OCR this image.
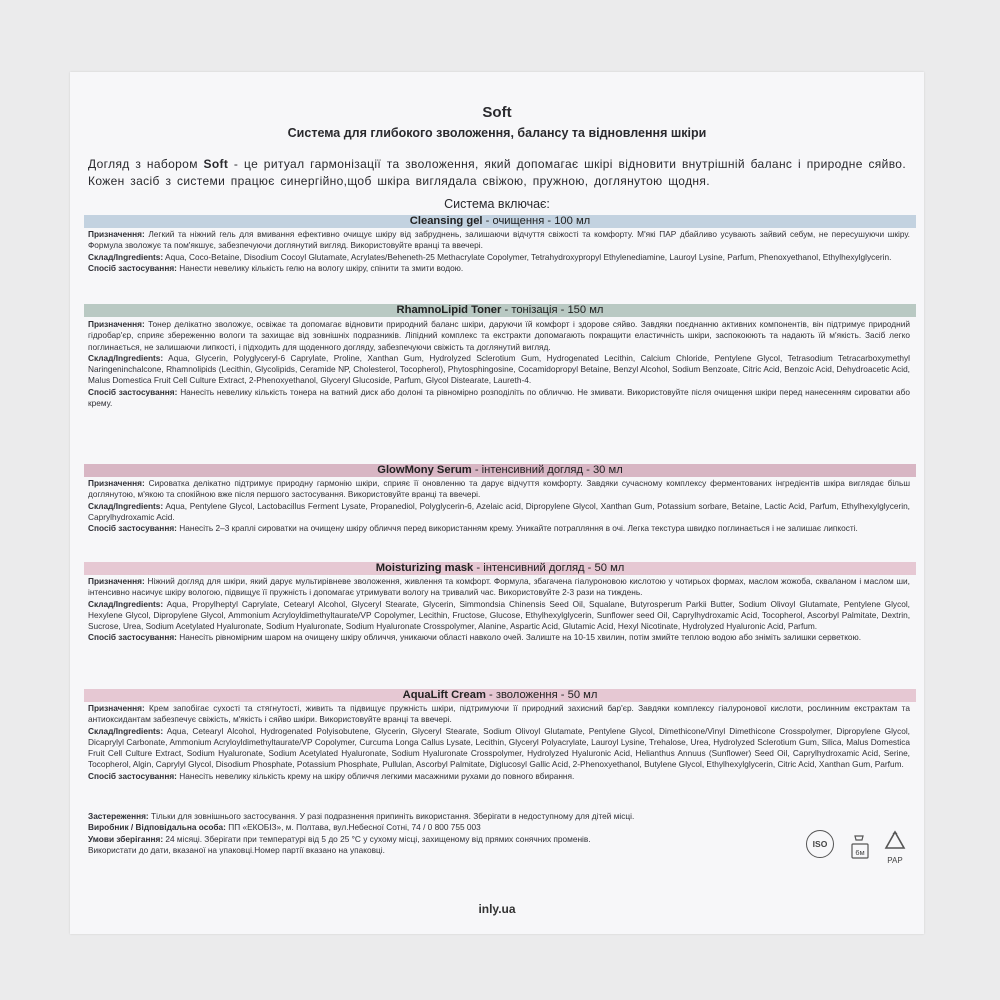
Soft
Система для глибокого зволоження, балансу та відновлення шкіри
Догляд з набором Soft - це ритуал гармонізації та зволоження, який допомагає шкірі відновити внутрішній баланс і природне сяйво. Кожен засіб з системи працює синергійно,щоб шкіра виглядала свіжою, пружною, доглянутою щодня.
Система включає:
Cleansing gel - очищення - 100 мл

Призначення: Легкий та ніжний гель для вмивання ефективно очищує шкіру від забруднень, залишаючи відчуття свіжості та комфорту. М'які ПАР дбайливо усувають зайвий себум, не пересушуючи шкіру. Формула зволожує та пом'якшує, забезпечуючи доглянутий вигляд. Використовуйте вранці та ввечері.

Склад/Ingredients: Aqua, Coco-Betaine, Disodium Cocoyl Glutamate, Acrylates/Beheneth-25 Methacrylate Copolymer, Tetrahydroxypropyl Ethylenediamine, Lauroyl Lysine, Parfum, Phenoxyethanol, Ethylhexylglycerin.

Спосіб застосування: Нанести невелику кількість гелю на вологу шкіру, спінити та змити водою.

RhamnoLipid Toner - тонізація - 150 мл

Призначення: Тонер делікатно зволожує, освіжає та допомагає відновити природний баланс шкіри, даруючи їй комфорт і здорове сяйво. Завдяки поєднанню активних компонентів, він підтримує природний гідробар'єр, сприяє збереженню вологи та захищає від зовнішніх подразників. Ліпідний комплекс та екстракти допомагають покращити еластичність шкіри, заспокоюють та надають їй м'якість. Засіб легко поглинається, не залишаючи липкості, і підходить для щоденного догляду, забезпечуючи свіжість та доглянутий вигляд.

Склад/Ingredients: Aqua, Glycerin, Polyglyceryl-6 Caprylate, Proline, Xanthan Gum, Hydrolyzed Sclerotium Gum, Hydrogenated Lecithin, Calcium Chloride, Pentylene Glycol, Tetrasodium Tetracarboxymethyl Naringeninchalcone, Rhamnolipids (Lecithin, Glycolipids, Ceramide NP, Cholesterol, Tocopherol), Phytosphingosine, Cocamidopropyl Betaine, Benzyl Alcohol, Sodium Benzoate, Citric Acid, Benzoic Acid, Dehydroacetic Acid, Malus Domestica Fruit Cell Culture Extract, 2-Phenoxyethanol, Glyceryl Glucoside, Parfum, Glycol Distearate, Laureth-4.

Спосіб застосування: Нанесіть невелику кількість тонера на ватний диск або долоні та рівномірно розподіліть по обличчю. Не змивати. Використовуйте після очищення шкіри перед нанесенням сироватки або крему.

GlowMony Serum - інтенсивний догляд - 30 мл

Призначення: Сироватка делікатно підтримує природну гармонію шкіри, сприяє її оновленню та дарує відчуття комфорту. Завдяки сучасному комплексу ферментованих інгредієнтів шкіра виглядає більш доглянутою, м'якою та спокійною вже після першого застосування. Використовуйте вранці та ввечері.

Склад/Ingredients: Aqua, Pentylene Glycol, Lactobacillus Ferment Lysate, Propanediol, Polyglycerin-6, Azelaic acid, Dipropylene Glycol, Xanthan Gum, Potassium sorbare, Betaine, Lactic Acid, Parfum, Ethylhexylglycerin, Caprylhydroxamic Acid.

Спосіб застосування: Нанесіть 2–3 краплі сироватки на очищену шкіру обличчя перед використанням крему. Уникайте потрапляння в очі. Легка текстура швидко поглинається і не залишає липкості.

Moisturizing mask - інтенсивний догляд - 50 мл

Призначення: Ніжний догляд для шкіри, який дарує мультирівневе зволоження, живлення та комфорт. Формула, збагачена гіалуроновою кислотою у чотирьох формах, маслом жожоба, скваланом і маслом ши, інтенсивно насичує шкіру вологою, підвищує її пружність і допомагає утримувати вологу на тривалий час. Використовуйте 2-3 рази на тиждень.

Склад/Ingredients: Aqua, Propylheptyl Caprylate, Cetearyl Alcohol, Glyceryl Stearate, Glycerin, Simmondsia Chinensis Seed Oil, Squalane, Butyrosperum Parkii Butter, Sodium Olivoyl Glutamate, Pentylene Glycol, Hexylene Glycol, Dipropylene Glycol, Ammonium Acryloyldimethyltaurate/VP Copolymer, Lecithin, Fructose, Glucose, Ethylhexylglycerin, Sunflower seed Oil, Caprylhydroxamic Acid, Tocopherol, Ascorbyl Palmitate, Dextrin, Sucrose, Urea, Sodium Acetylated Hyaluronate, Sodium Hyaluronate, Sodium Hyaluronate Crosspolymer, Alanine, Aspartic Acid, Glutamic Acid, Hexyl Nicotinate, Hydrolyzed Hyaluronic Acid, Parfum.

Спосіб застосування: Нанесіть рівномірним шаром на очищену шкіру обличчя, уникаючи області навколо очей. Залиште на 10-15 хвилин, потім змийте теплою водою або зніміть залишки серветкою.

AquaLift Cream - зволоження - 50 мл

Призначення: Крем запобігає сухості та стягнутості, живить та підвищує пружність шкіри, підтримуючи її природний захисний бар'єр. Завдяки комплексу гіалуронової кислоти, рослинним екстрактам та антиоксидантам забезпечує свіжість, м'якість і сяйво шкіри. Використовуйте вранці та ввечері.

Склад/Ingredients: Aqua, Cetearyl Alcohol, Hydrogenated Polyisobutene, Glycerin, Glyceryl Stearate, Sodium Olivoyl Glutamate, Pentylene Glycol, Dimethicone/Vinyl Dimethicone Crosspolymer, Dipropylene Glycol, Dicaprylyl Carbonate, Ammonium Acryloyldimethyltaurate/VP Copolymer, Curcuma Longa Callus Lysate, Lecithin, Glyceryl Polyacrylate, Lauroyl Lysine, Trehalose, Urea, Hydrolyzed Sclerotium Gum, Silica, Malus Domestica Fruit Cell Culture Extract, Sodium Hyaluronate, Sodium Acetylated Hyaluronate, Sodium Hyaluronate Crosspolymer, Hydrolyzed Hyaluronic Acid, Helianthus Annuus (Sunflower) Seed Oil, Caprylhydroxamic Acid, Serine, Tocopherol, Algin, Caprylyl Glycol, Disodium Phosphate, Potassium Phosphate, Pullulan, Ascorbyl Palmitate, Diglucosyl Gallic Acid, 2-Phenoxyethanol, Butylene Glycol, Ethylhexylglycerin, Citric Acid, Xanthan Gum, Parfum.

Спосіб застосування: Нанесіть невелику кількість крему на шкіру обличчя легкими масажними рухами до повного вбирання.

Застереження: Тільки для зовнішнього застосування. У разі подразнення припиніть використання. Зберігати в недоступному для дітей місці.

Виробник / Відповідальна особа: ПП «ЕКОБІЗ», м. Полтава, вул.Небесної Сотні, 74 / 0 800 755 003

Умови зберігання: 24 місяці. Зберігати при температурі від 5 до 25 °С у сухому місці, захищеному від прямих сонячних променів.

Використати до дати, вказаної на упаковці.Номер партії вказано на упаковці.

ISO
6м
PAP
inly.ua
